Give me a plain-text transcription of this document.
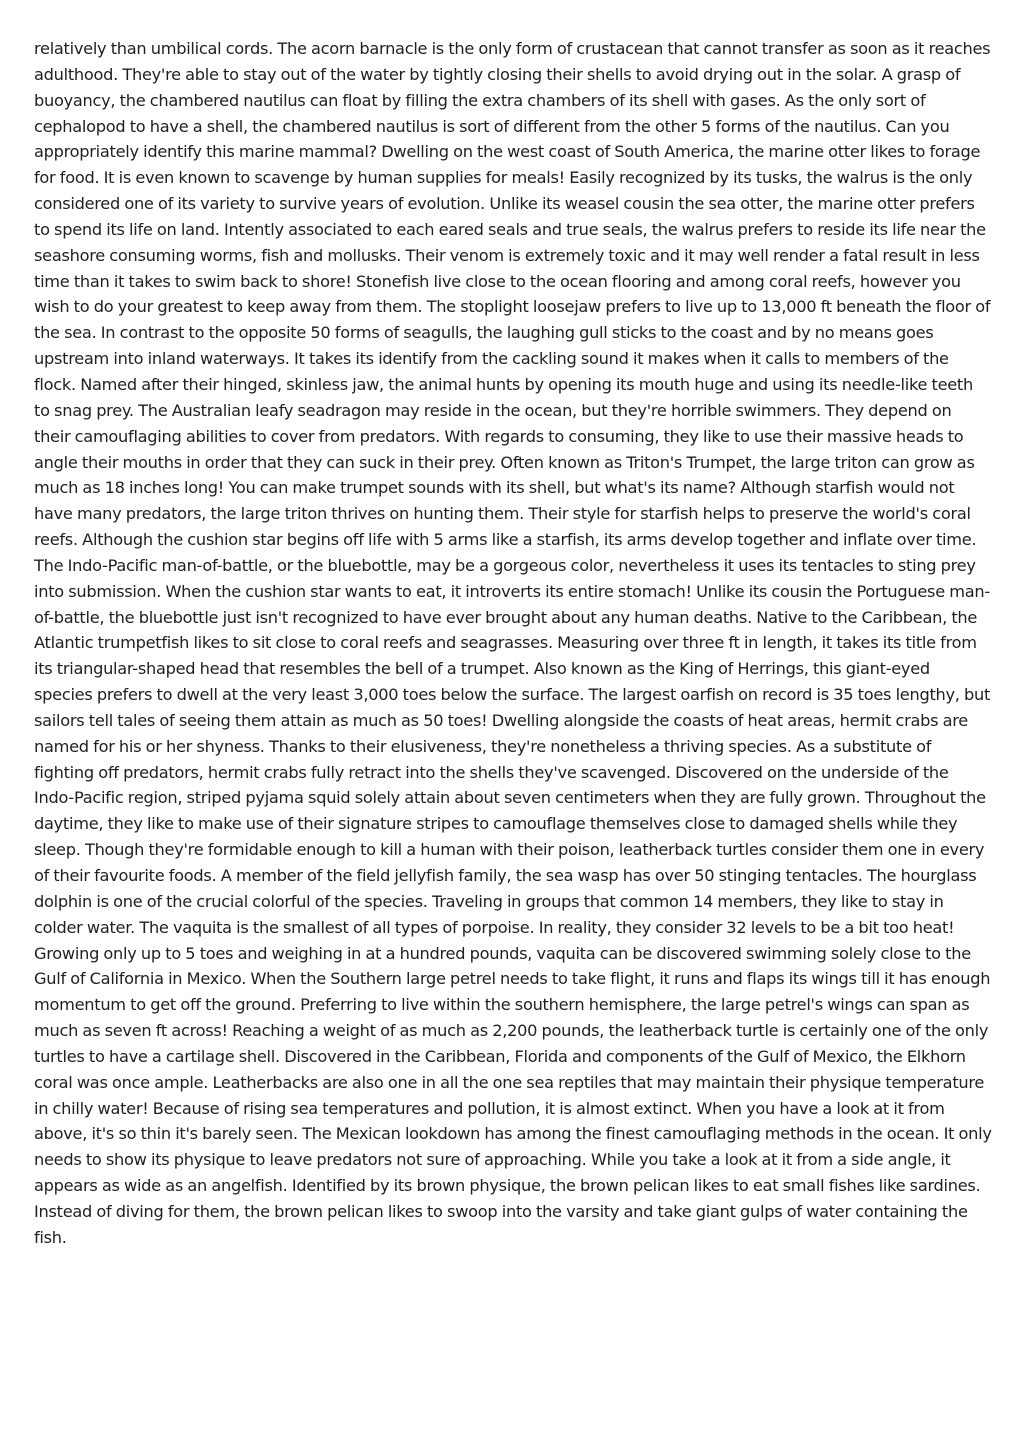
relatively than umbilical cords. The acorn barnacle is the only form of crustacean that cannot transfer as soon as it reaches adulthood. They're able to stay out of the water by tightly closing their shells to avoid drying out in the solar. A grasp of buoyancy, the chambered nautilus can float by filling the extra chambers of its shell with gases. As the only sort of cephalopod to have a shell, the chambered nautilus is sort of different from the other 5 forms of the nautilus. Can you appropriately identify this marine mammal? Dwelling on the west coast of South America, the marine otter likes to forage for food. It is even known to scavenge by human supplies for meals! Easily recognized by its tusks, the walrus is the only considered one of its variety to survive years of evolution. Unlike its weasel cousin the sea otter, the marine otter prefers to spend its life on land. Intently associated to each eared seals and true seals, the walrus prefers to reside its life near the seashore consuming worms, fish and mollusks. Their venom is extremely toxic and it may well render a fatal result in less time than it takes to swim back to shore! Stonefish live close to the ocean flooring and among coral reefs, however you wish to do your greatest to keep away from them. The stoplight loosejaw prefers to live up to 13,000 ft beneath the floor of the sea. In contrast to the opposite 50 forms of seagulls, the laughing gull sticks to the coast and by no means goes upstream into inland waterways. It takes its identify from the cackling sound it makes when it calls to members of the flock. Named after their hinged, skinless jaw, the animal hunts by opening its mouth huge and using its needle-like teeth to snag prey. The Australian leafy seadragon may reside in the ocean, but they're horrible swimmers. They depend on their camouflaging abilities to cover from predators. With regards to consuming, they like to use their massive heads to angle their mouths in order that they can suck in their prey. Often known as Triton's Trumpet, the large triton can grow as much as 18 inches long! You can make trumpet sounds with its shell, but what's its name? Although starfish would not have many predators, the large triton thrives on hunting them. Their style for starfish helps to preserve the world's coral reefs. Although the cushion star begins off life with 5 arms like a starfish, its arms develop together and inflate over time. The Indo-Pacific man-of-battle, or the bluebottle, may be a gorgeous color, nevertheless it uses its tentacles to sting prey into submission. When the cushion star wants to eat, it introverts its entire stomach! Unlike its cousin the Portuguese man-of-battle, the bluebottle just isn't recognized to have ever brought about any human deaths. Native to the Caribbean, the Atlantic trumpetfish likes to sit close to coral reefs and seagrasses. Measuring over three ft in length, it takes its title from its triangular-shaped head that resembles the bell of a trumpet. Also known as the King of Herrings, this giant-eyed species prefers to dwell at the very least 3,000 toes below the surface. The largest oarfish on record is 35 toes lengthy, but sailors tell tales of seeing them attain as much as 50 toes! Dwelling alongside the coasts of heat areas, hermit crabs are named for his or her shyness. Thanks to their elusiveness, they're nonetheless a thriving species. As a substitute of fighting off predators, hermit crabs fully retract into the shells they've scavenged. Discovered on the underside of the Indo-Pacific region, striped pyjama squid solely attain about seven centimeters when they are fully grown. Throughout the daytime, they like to make use of their signature stripes to camouflage themselves close to damaged shells while they sleep. Though they're formidable enough to kill a human with their poison, leatherback turtles consider them one in every of their favourite foods. A member of the field jellyfish family, the sea wasp has over 50 stinging tentacles. The hourglass dolphin is one of the crucial colorful of the species. Traveling in groups that common 14 members, they like to stay in colder water. The vaquita is the smallest of all types of porpoise. In reality, they consider 32 levels to be a bit too heat! Growing only up to 5 toes and weighing in at a hundred pounds, vaquita can be discovered swimming solely close to the Gulf of California in Mexico. When the Southern large petrel needs to take flight, it runs and flaps its wings till it has enough momentum to get off the ground. Preferring to live within the southern hemisphere, the large petrel's wings can span as much as seven ft across! Reaching a weight of as much as 2,200 pounds, the leatherback turtle is certainly one of the only turtles to have a cartilage shell. Discovered in the Caribbean, Florida and components of the Gulf of Mexico, the Elkhorn coral was once ample. Leatherbacks are also one in all the one sea reptiles that may maintain their physique temperature in chilly water! Because of rising sea temperatures and pollution, it is almost extinct. When you have a look at it from above, it's so thin it's barely seen. The Mexican lookdown has among the finest camouflaging methods in the ocean. It only needs to show its physique to leave predators not sure of approaching. While you take a look at it from a side angle, it appears as wide as an angelfish. Identified by its brown physique, the brown pelican likes to eat small fishes like sardines. Instead of diving for them, the brown pelican likes to swoop into the varsity and take giant gulps of water containing the fish.
